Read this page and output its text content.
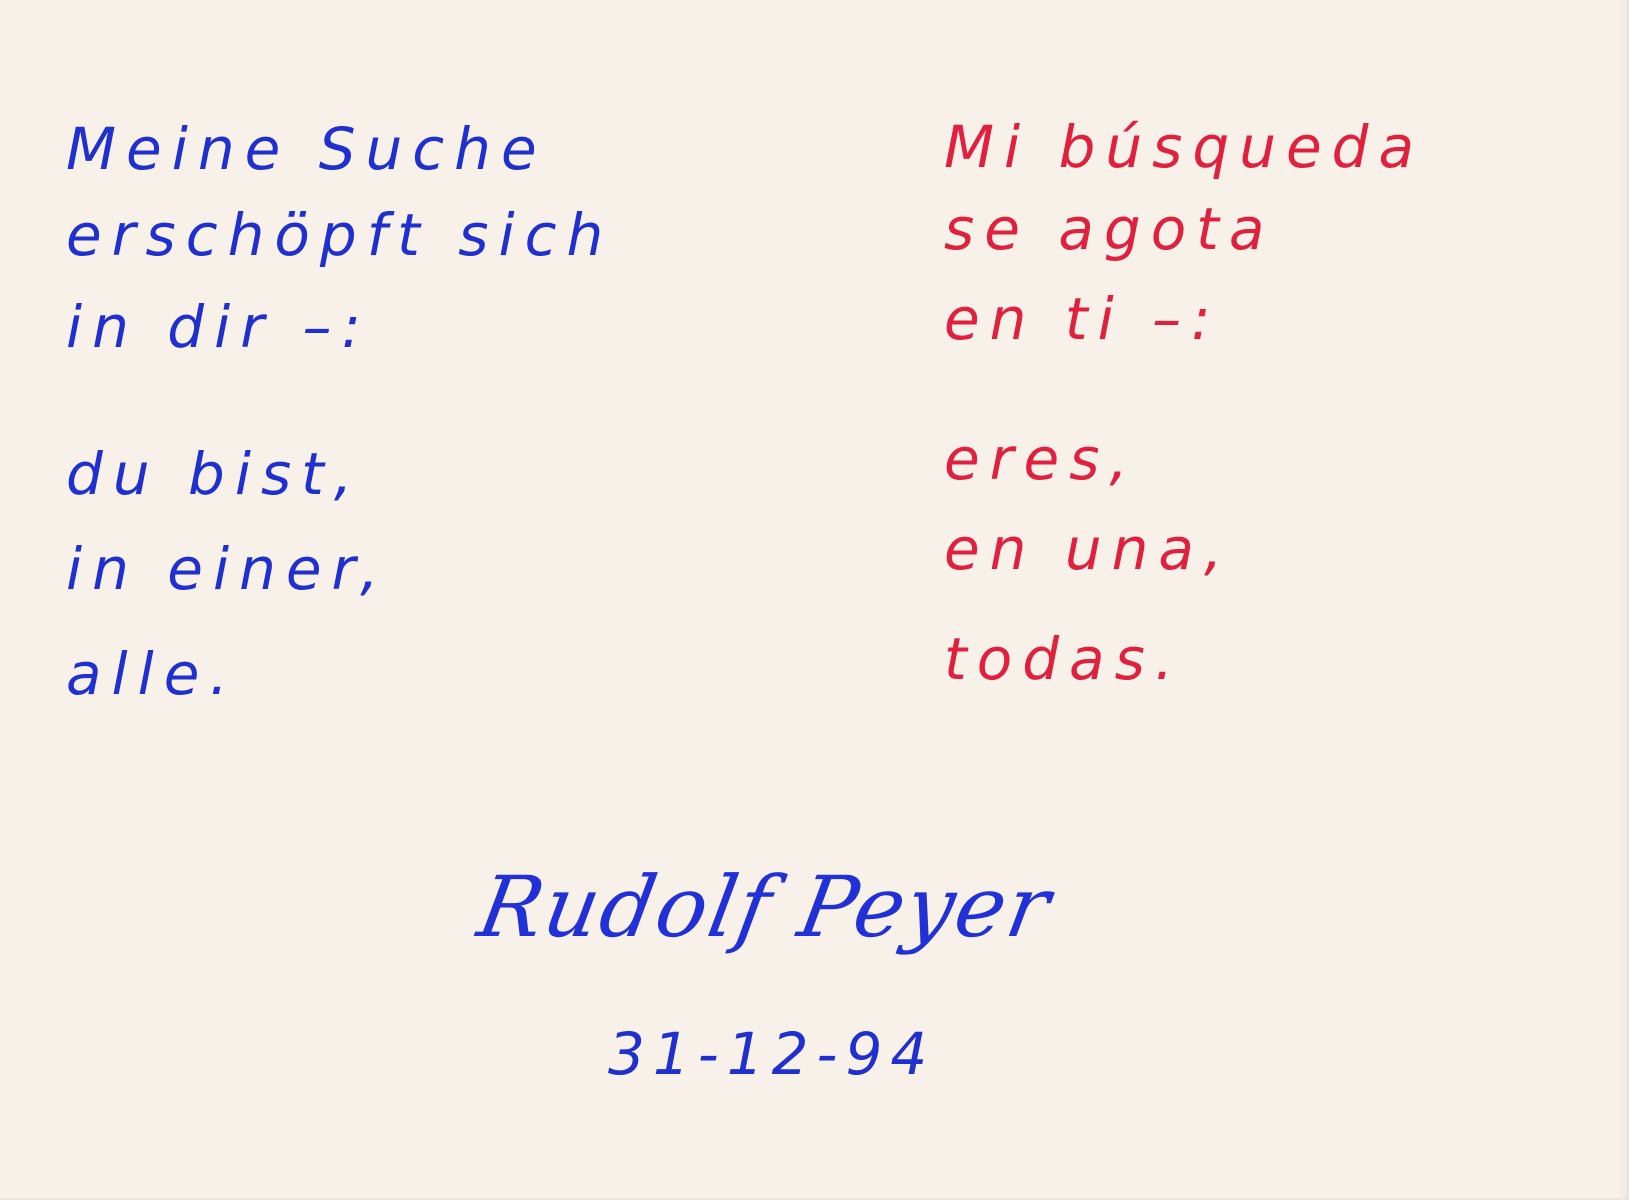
Meine Suche
erschöpft sich
in dir –:
du bist,
in einer,
alle.
Mi búsqueda
se agota
en ti –:
eres,
en una,
todas.
Rudolf Peyer
31-12-94
